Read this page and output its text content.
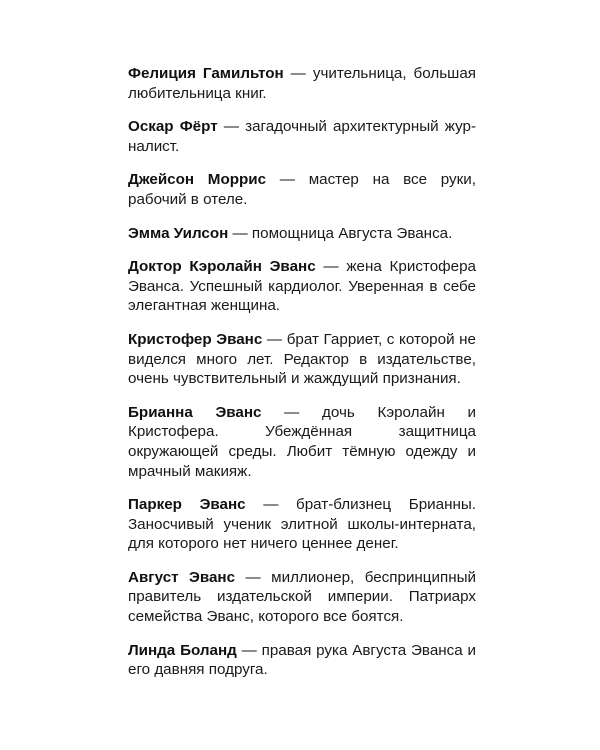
Фелиция Гамильтон — учительница, большая любительница книг.

Оскар Фёрт — загадочный архитектурный журналист.

Джейсон Моррис — мастер на все руки, рабочий в отеле.

Эмма Уилсон — помощница Августа Эванса.

Доктор Кэролайн Эванс — жена Кристофера Эванса. Успешный кардиолог. Уверенная в себе элегантная женщина.

Кристофер Эванс — брат Гарриет, с которой не виделся много лет. Редактор в издательстве, очень чувствительный и жаждущий признания.

Брианна Эванс — дочь Кэролайн и Кристофера. Убеждённая защитница окружающей среды. Любит тёмную одежду и мрачный макияж.

Паркер Эванс — брат-близнец Брианны. Заносчивый ученик элитной школы-интерната, для которого нет ничего ценнее денег.

Август Эванс — миллионер, беспринципный правитель издательской империи. Патриарх семейства Эванс, которого все боятся.

Линда Боланд — правая рука Августа Эванса и его давняя подруга.
